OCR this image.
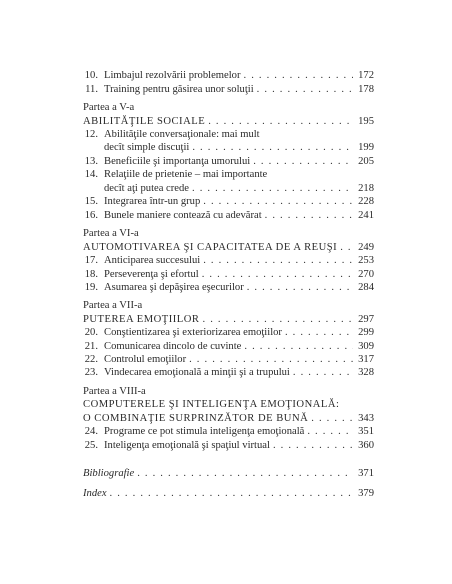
10. Limbajul rezolvării problemelor . . .	172
11. Training pentru găsirea unor soluţii . . .	178
Partea a V-a
ABILITĂŢILE SOCIALE . . .	195
12. Abilităţile conversaţionale: mai mult
decît simple discuţii . . .	199
13. Beneficiile şi importanţa umorului . . .	205
14. Relaţiile de prietenie – mai importante
decît aţi putea crede . . .	218
15. Integrarea într-un grup . . .	228
16. Bunele maniere contează cu adevărat . . .	241
Partea a VI-a
AUTOMOTIVAREA ŞI CAPACITATEA DE A REUŞI . . . 249
17. Anticiparea succesului . . .	253
18. Perseverenţa şi efortul . . .	270
19. Asumarea şi depăşirea eşecurilor . . .	284
Partea a VII-a
PUTEREA EMOŢIILOR . . .	297
20. Conştientizarea şi exteriorizarea emoţiilor . . .	299
21. Comunicarea dincolo de cuvinte . . .	309
22. Controlul emoţiilor . . .	317
23. Vindecarea emoţională a minţii şi a trupului . . .	328
Partea a VIII-a
COMPUTERELE ŞI INTELIGENŢA EMOŢIONALĂ:
O COMBINAŢIE SURPRINZĂTOR DE BUNĂ . . .	343
24. Programe ce pot stimula inteligenţa emoţională . . .	351
25. Inteligenţa emoţională şi spaţiul virtual . . .	360
Bibliografie . . .	371
Index . . .	379
